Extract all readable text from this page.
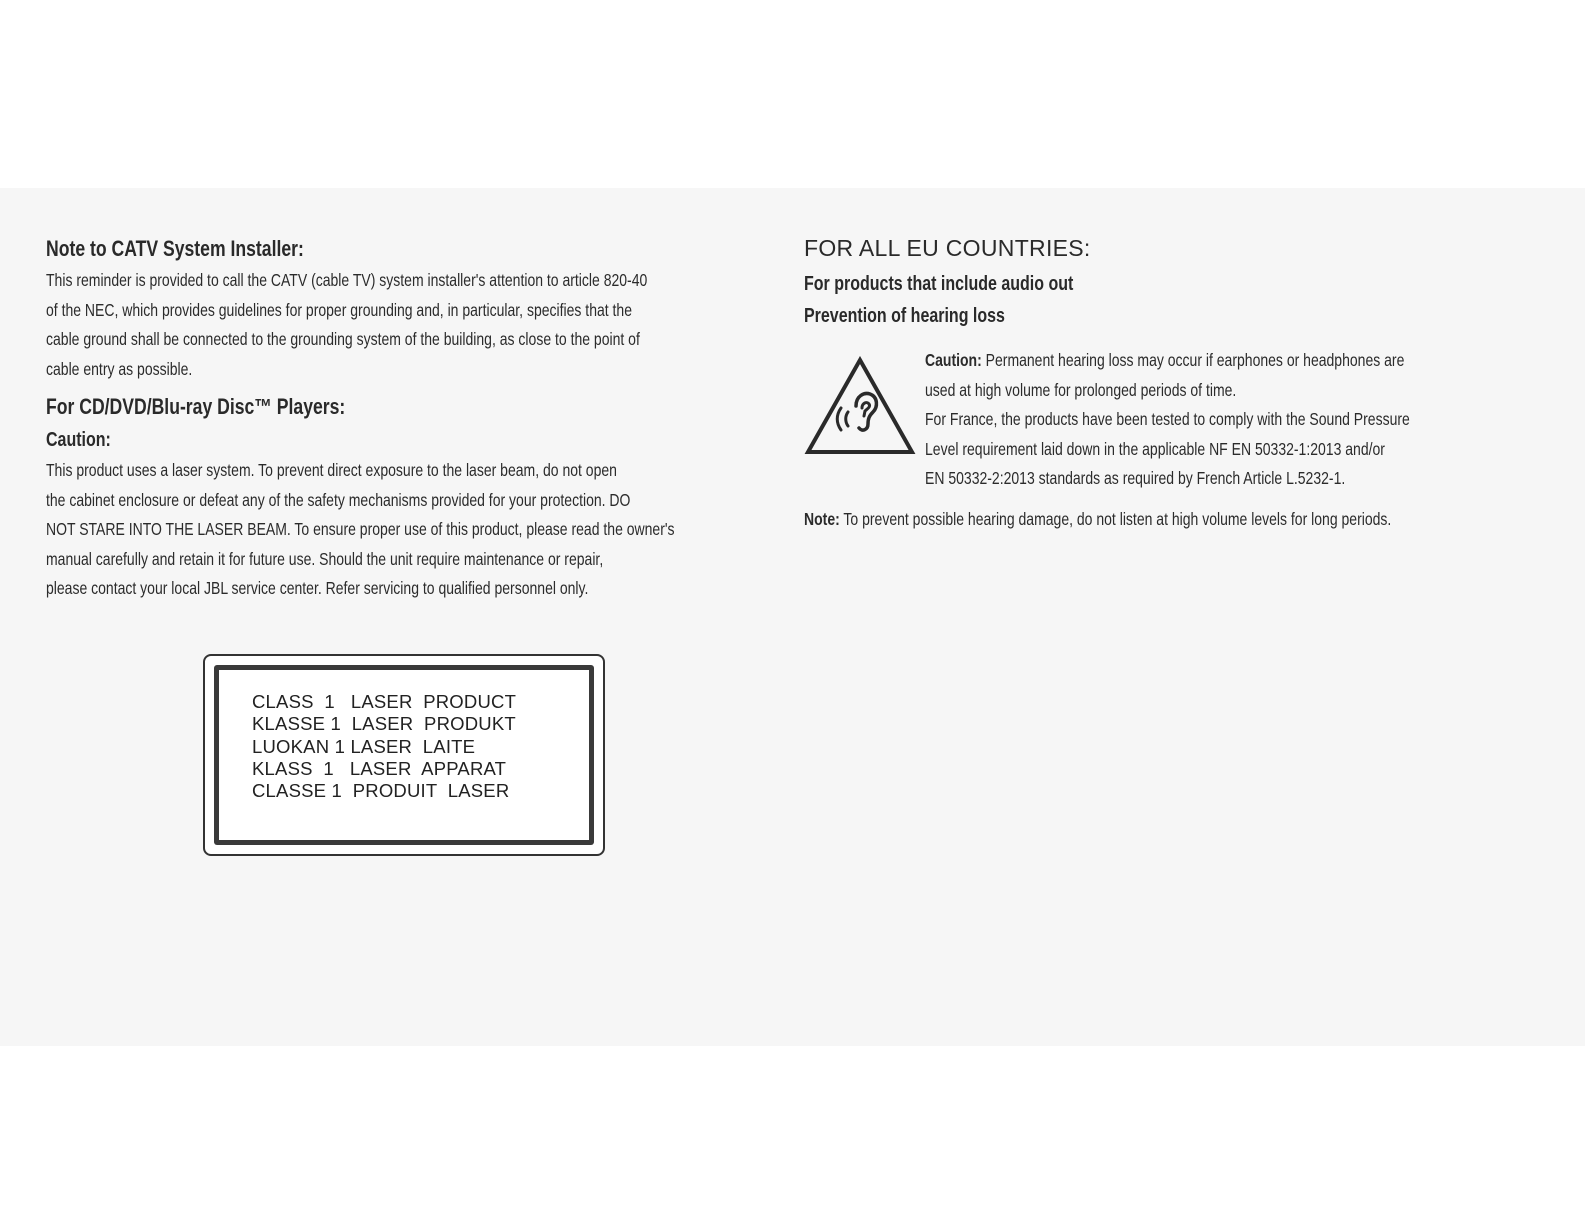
Note to CATV System Installer:
This reminder is provided to call the CATV (cable TV) system installer's attention to article 820-40
of the NEC, which provides guidelines for proper grounding and, in particular, specifies that the
cable ground shall be connected to the grounding system of the building, as close to the point of
cable entry as possible.
For CD/DVD/Blu-ray Disc™ Players:
Caution:
This product uses a laser system. To prevent direct exposure to the laser beam, do not open
the cabinet enclosure or defeat any of the safety mechanisms provided for your protection. DO
NOT STARE INTO THE LASER BEAM. To ensure proper use of this product, please read the owner's
manual carefully and retain it for future use. Should the unit require maintenance or repair,
please contact your local JBL service center. Refer servicing to qualified personnel only.
CLASS  1   LASER  PRODUCT
KLASSE 1  LASER  PRODUKT
LUOKAN 1 LASER  LAITE
KLASS  1   LASER  APPARAT
CLASSE 1  PRODUIT  LASER
FOR ALL EU COUNTRIES:
For products that include audio out
Prevention of hearing loss
Caution: Permanent hearing loss may occur if earphones or headphones are
used at high volume for prolonged periods of time.
For France, the products have been tested to comply with the Sound Pressure
Level requirement laid down in the applicable NF EN 50332-1:2013 and/or
EN 50332-2:2013 standards as required by French Article L.5232-1.
Note: To prevent possible hearing damage, do not listen at high volume levels for long periods.
